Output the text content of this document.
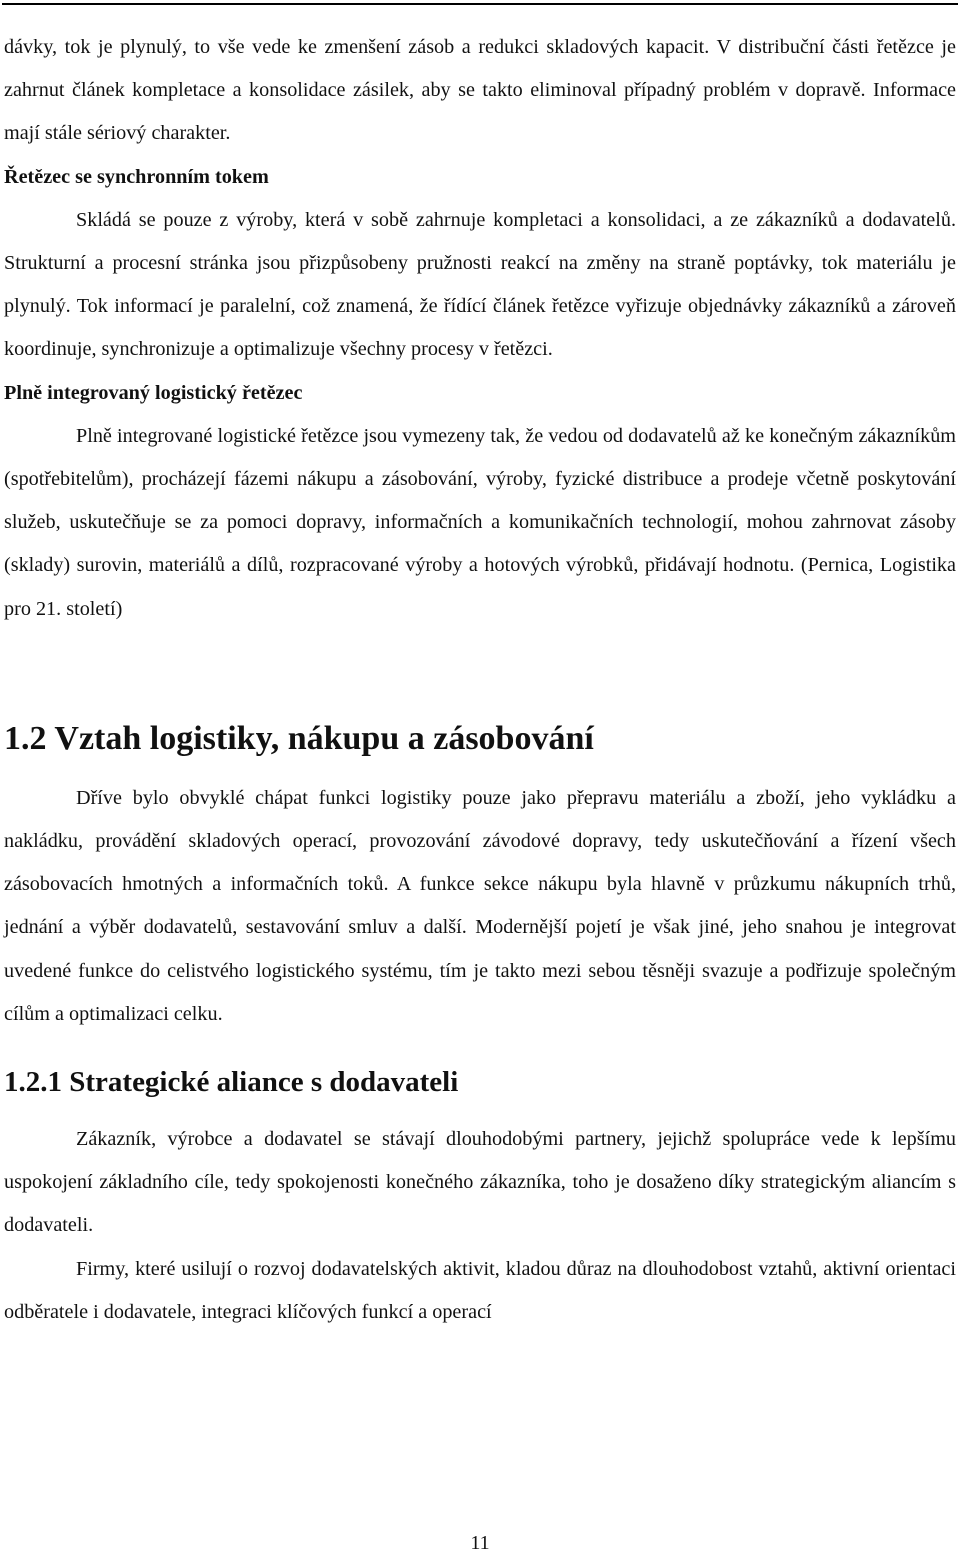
dávky, tok je plynulý, to vše vede ke zmenšení zásob a redukci skladových kapacit. V distribuční části řetězce je zahrnut článek kompletace a konsolidace zásilek, aby se takto eliminoval případný problém v dopravě. Informace mají stále sériový charakter.

Řetězec se synchronním tokem

Skládá se pouze z výroby, která v sobě zahrnuje kompletaci a konsolidaci, a ze zákazníků a dodavatelů. Strukturní a procesní stránka jsou přizpůsobeny pružnosti reakcí na změny na straně poptávky, tok materiálu je plynulý. Tok informací je paralelní, což znamená, že řídící článek řetězce vyřizuje objednávky zákazníků a zároveň koordinuje, synchronizuje a optimalizuje všechny procesy v řetězci.

Plně integrovaný logistický řetězec

Plně integrované logistické řetězce jsou vymezeny tak, že vedou od dodavatelů až ke konečným zákazníkům (spotřebitelům), procházejí fázemi nákupu a zásobování, výroby, fyzické distribuce a prodeje včetně poskytování služeb, uskutečňuje se za pomoci dopravy, informačních a komunikačních technologií, mohou zahrnovat zásoby (sklady) surovin, materiálů a dílů, rozpracované výroby a hotových výrobků, přidávají hodnotu. (Pernica, Logistika pro 21. století)

1.2 Vztah logistiky, nákupu a zásobování

Dříve bylo obvyklé chápat funkci logistiky pouze jako přepravu materiálu a zboží, jeho vykládku a nakládku, provádění skladových operací, provozování závodové dopravy, tedy uskutečňování a řízení všech zásobovacích hmotných a informačních toků. A funkce sekce nákupu byla hlavně v průzkumu nákupních trhů, jednání a výběr dodavatelů, sestavování smluv a další. Modernější pojetí je však jiné, jeho snahou je integrovat uvedené funkce do celistvého logistického systému, tím je takto mezi sebou těsněji svazuje a podřizuje společným cílům a optimalizaci celku.

1.2.1 Strategické aliance s dodavateli

Zákazník, výrobce a dodavatel se stávají dlouhodobými partnery, jejichž spolupráce vede k lepšímu uspokojení základního cíle, tedy spokojenosti konečného zákazníka, toho je dosaženo díky strategickým aliancím s dodavateli.

Firmy, které usilují o rozvoj dodavatelských aktivit, kladou důraz na dlouhodobost vztahů, aktivní orientaci odběratele i dodavatele, integraci klíčových funkcí a operací

11
